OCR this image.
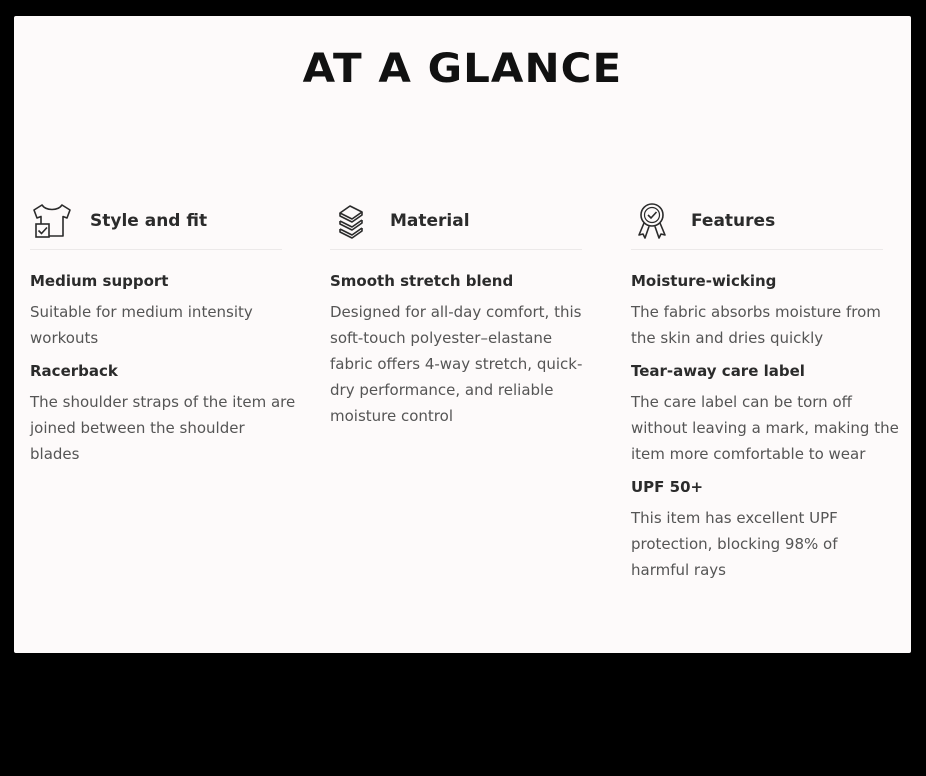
AT A GLANCE
Style and fit
Medium support
Suitable for medium intensity workouts
Racerback
The shoulder straps of the item are joined between the shoulder blades
Material
Smooth stretch blend
Designed for all-day comfort, this soft-touch polyester–elastane fabric offers 4-way stretch, quick-dry performance, and reliable moisture control
Features
Moisture-wicking
The fabric absorbs moisture from the skin and dries quickly
Tear-away care label
The care label can be torn off without leaving a mark, making the item more comfortable to wear
UPF 50+
This item has excellent UPF protection, blocking 98% of harmful rays
